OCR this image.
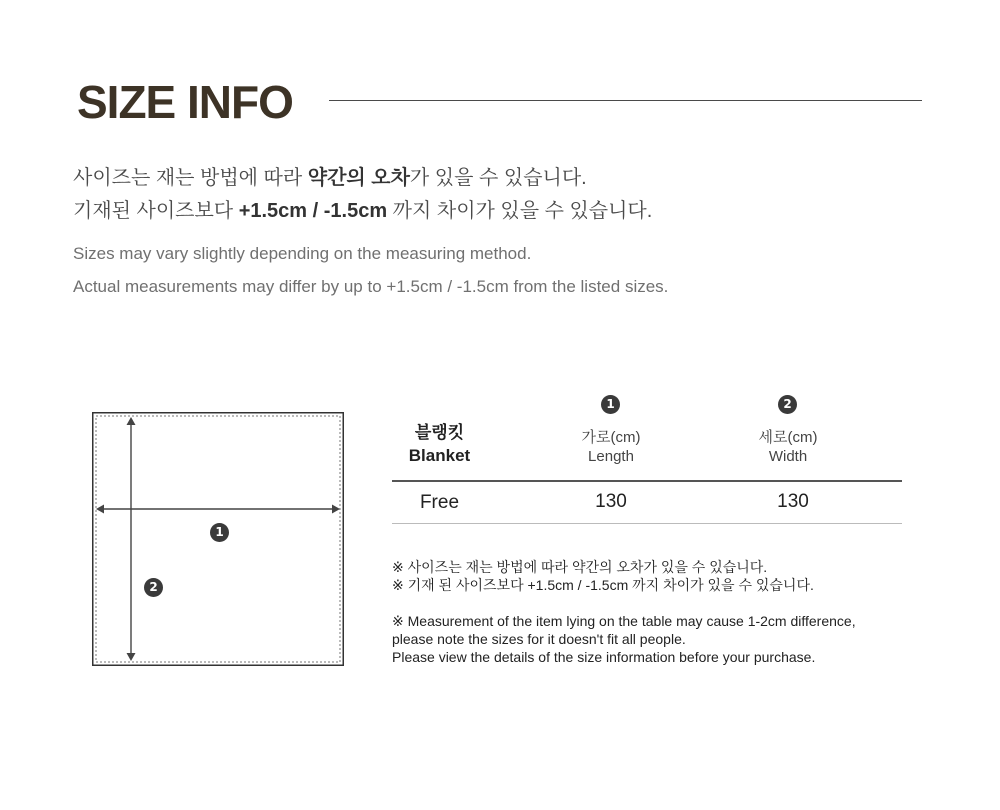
SIZE INFO
사이즈는 재는 방법에 따라 약간의 오차가 있을 수 있습니다.
기재된 사이즈보다 +1.5cm / -1.5cm 까지 차이가 있을 수 있습니다.
Sizes may vary slightly depending on the measuring method.
Actual measurements may differ by up to +1.5cm / -1.5cm from the listed sizes.
1
2
블랭킷
Blanket
1
가로(cm)
Length
2
세로(cm)
Width
Free	130	130
※ 사이즈는 재는 방법에 따라 약간의 오차가 있을 수 있습니다.
※ 기재 된 사이즈보다 +1.5cm / -1.5cm 까지 차이가 있을 수 있습니다.
※ Measurement of the item lying on the table may cause 1-2cm difference,
please note the sizes for it doesn't fit all people.
Please view the details of the size information before your purchase.
